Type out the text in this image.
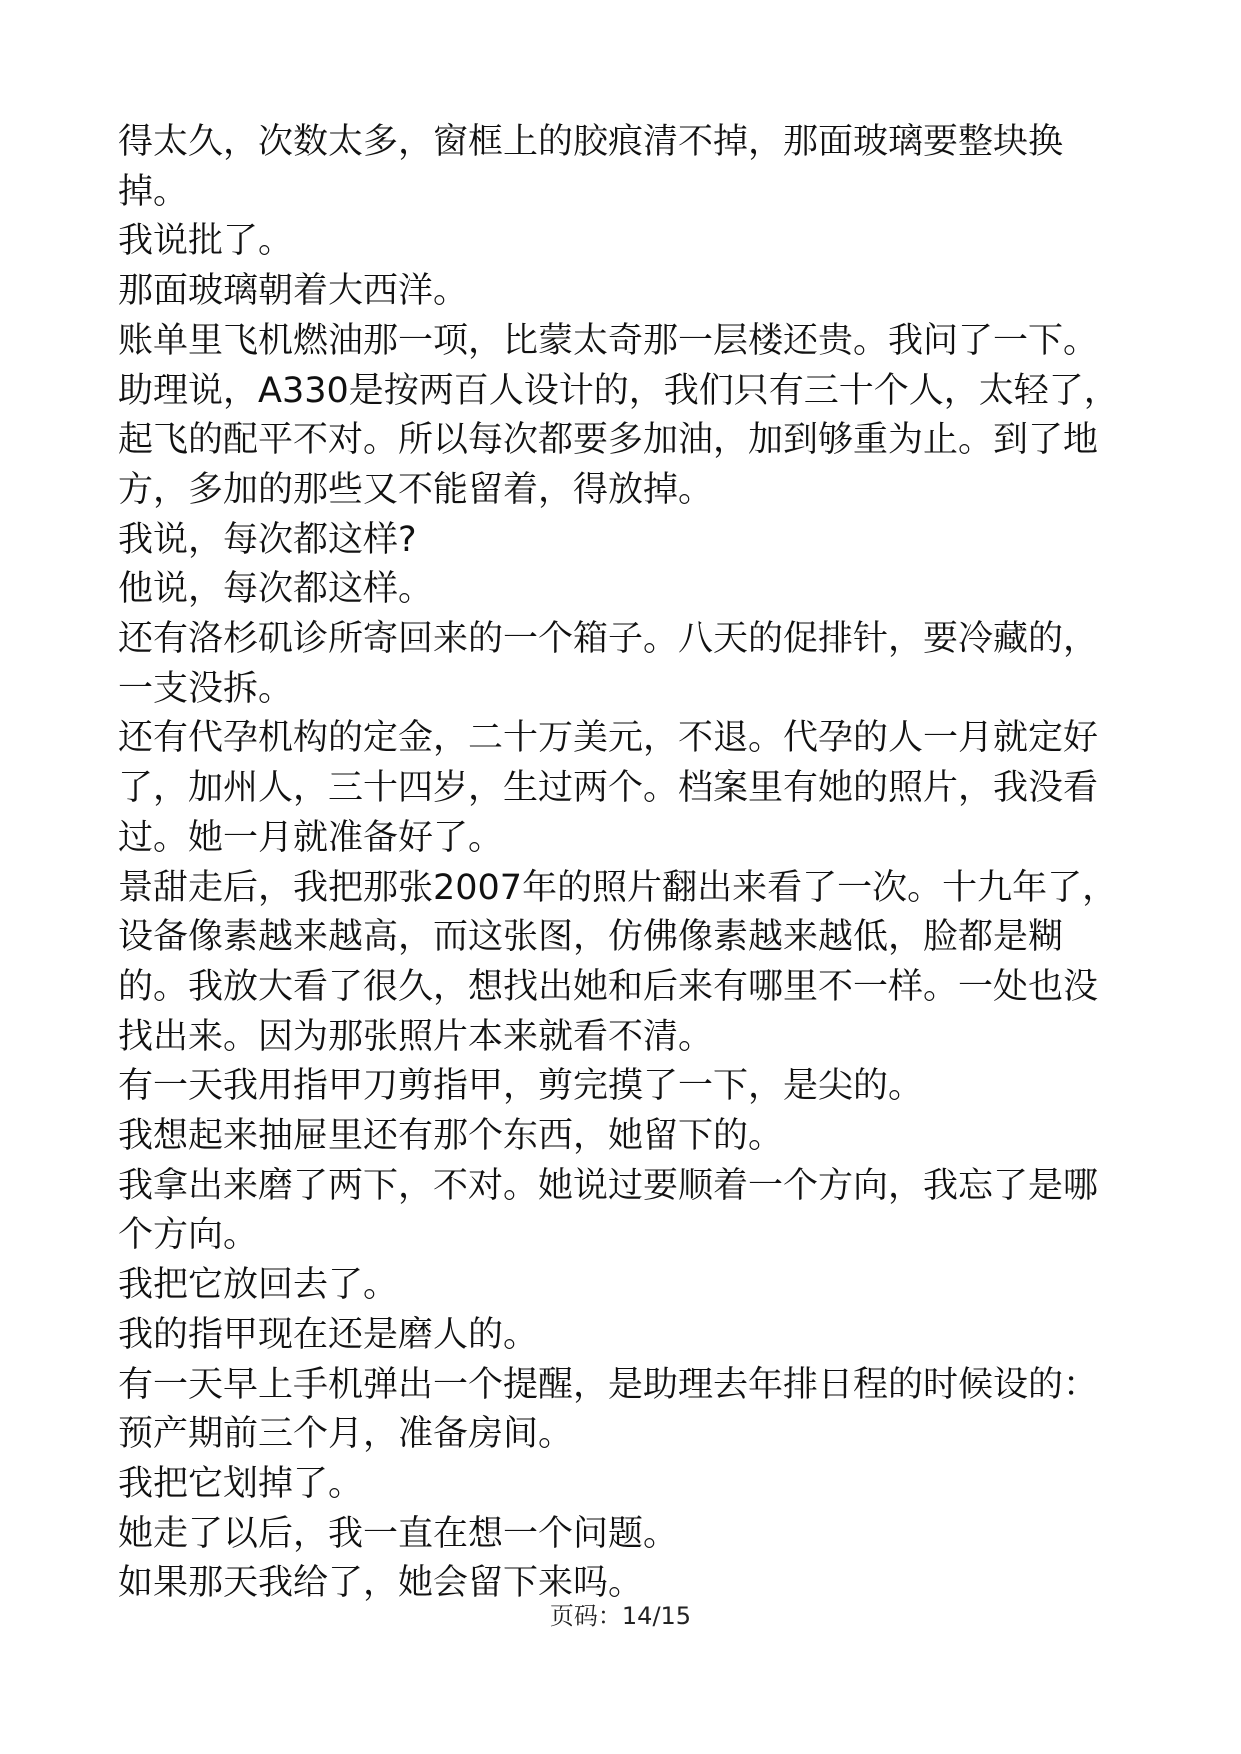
得太久，次数太多，窗框上的胶痕清不掉，那面玻璃要整块换掉。

我说批了。

那面玻璃朝着大西洋。

账单里飞机燃油那一项，比蒙太奇那一层楼还贵。我问了一下。

助理说，A330是按两百人设计的，我们只有三十个人，太轻了，起飞的配平不对。所以每次都要多加油，加到够重为止。到了地方，多加的那些又不能留着，得放掉。

我说，每次都这样?

他说，每次都这样。

还有洛杉矶诊所寄回来的一个箱子。八天的促排针，要冷藏的，一支没拆。

还有代孕机构的定金，二十万美元，不退。代孕的人一月就定好了，加州人，三十四岁，生过两个。档案里有她的照片，我没看过。她一月就准备好了。

景甜走后，我把那张2007年的照片翻出来看了一次。十九年了，设备像素越来越高，而这张图，仿佛像素越来越低，脸都是糊的。我放大看了很久，想找出她和后来有哪里不一样。一处也没找出来。因为那张照片本来就看不清。

有一天我用指甲刀剪指甲，剪完摸了一下，是尖的。

我想起来抽屉里还有那个东西，她留下的。

我拿出来磨了两下，不对。她说过要顺着一个方向，我忘了是哪个方向。

我把它放回去了。

我的指甲现在还是磨人的。

有一天早上手机弹出一个提醒，是助理去年排日程的时候设的：预产期前三个月，准备房间。

我把它划掉了。

她走了以后，我一直在想一个问题。

如果那天我给了，她会留下来吗。

页码：14/15
